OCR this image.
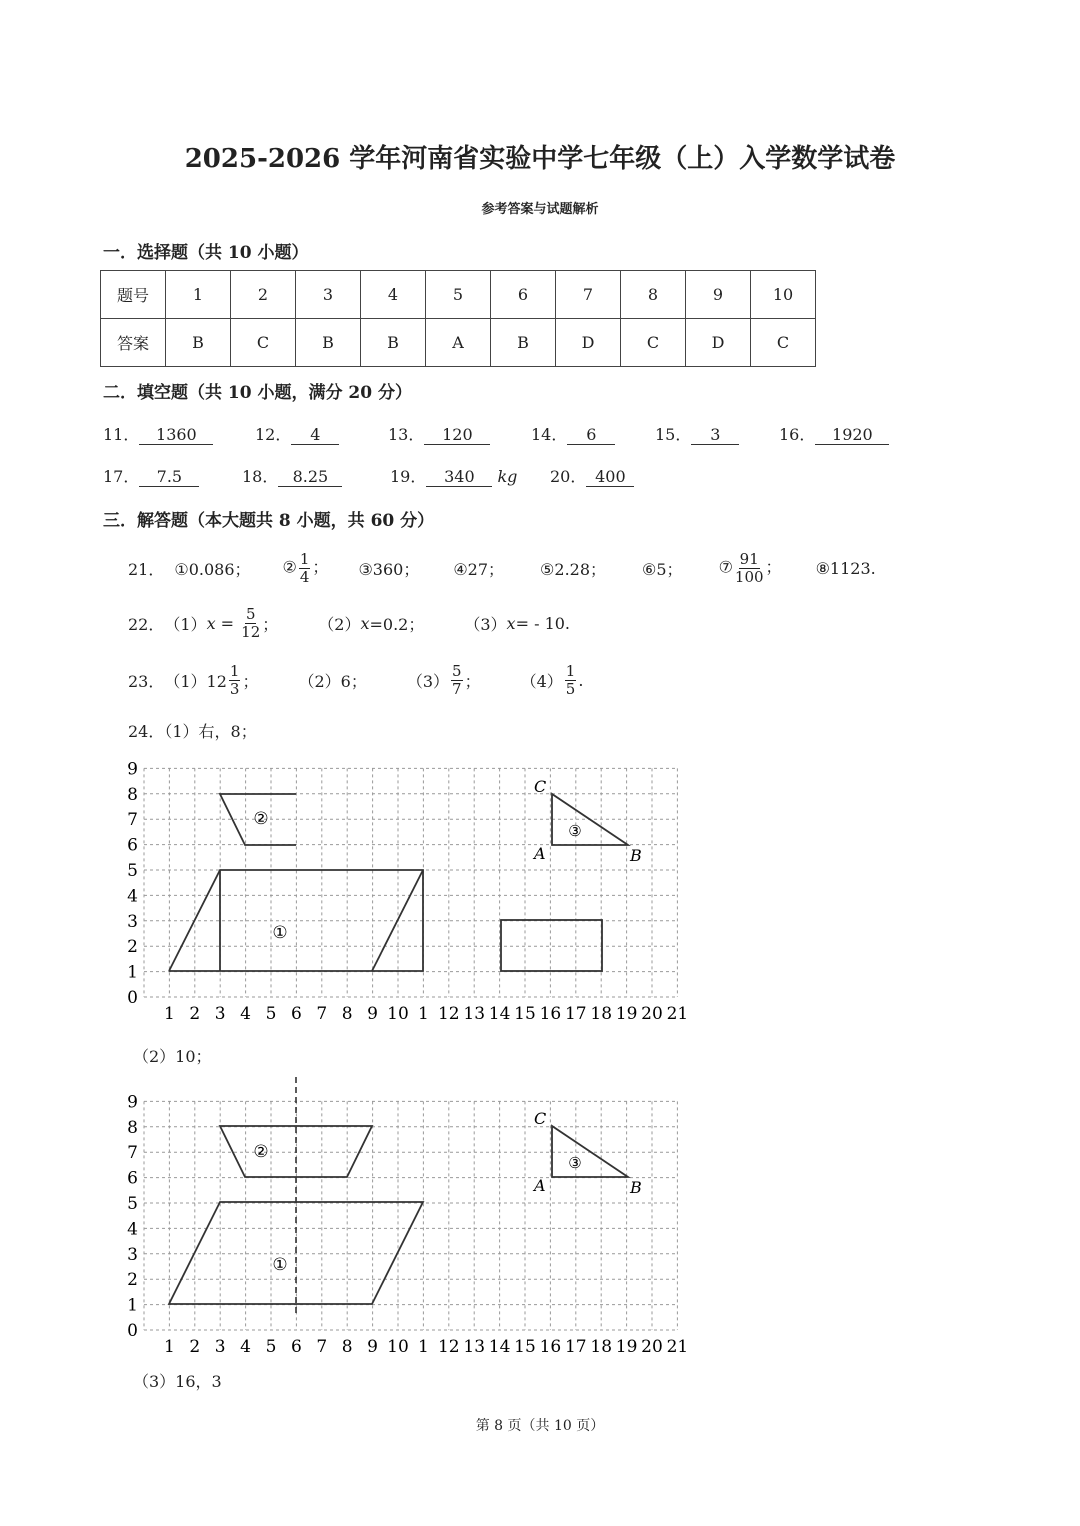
2025-2026 学年河南省实验中学七年级（上）入学数学试卷
参考答案与试题解析
一．选择题（共 10 小题）
题号	1	2	3	4	5	6	7	8	9	10
答案	B	C	B	B	A	B	D	C	D	C
二．填空题（共 10 小题，满分 20 分）
11． 1360	12． 4	13． 120	14． 6	15． 3	16． 1920
17． 7.5	18． 8.25	19． 340 kg 20． 400
三．解答题（本大题共 8 小题，共 60 分）
21． ①0.086； ② $\frac{1}{4}$ ； ③360； ④27； ⑤2.28； ⑥5； ⑦ $\frac{91}{100}$ ； ⑧1123.
22． （1） $x = \frac{5}{12}$ ；	（2） x =0.2；	（3） x = - 10.
23． $(1)12 \frac{1}{3}$ ；	（2）6；	$(3) \frac{5}{7}$ ；	$(4) \frac{1}{5}$ .
24．（1）右，8；
0
1
2
3
4
5
6
7
8
9
1 2 3 4 5 6 7 8 9 10 1 12 13 14 15 16 17 18 19 20 21
②
①
③
C
A	B
（2）10；
0
1
2
3
4
5
6
7
8
9
1 2 3 4 5 6 7 8 9 10 1 12 13 14 15 16 17 18 19 20 21
②
①
③
C
A	B
（3）16，3
第 8 页（共 10 页）
